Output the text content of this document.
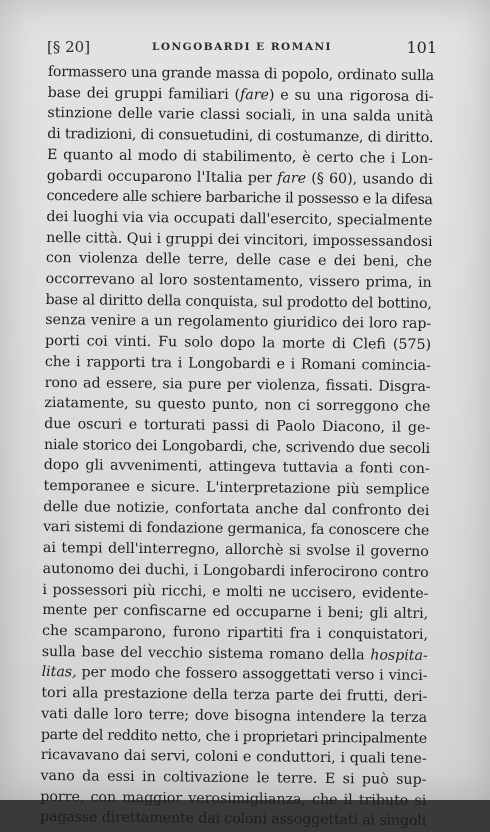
[§ 20]	LONGOBARDI E ROMANI	101
formassero una grande massa di popolo, ordinato sulla
base dei gruppi familiari (fare) e su una rigorosa di-
stinzione delle varie classi sociali, in una salda unità
di tradizioni, di consuetudini, di costumanze, di diritto.
E quanto al modo di stabilimento, è certo che i Lon-
gobardi occuparono l'Italia per fare (§ 60), usando di
concedere alle schiere barbariche il possesso e la difesa
dei luoghi via via occupati dall'esercito, specialmente
nelle città. Qui i gruppi dei vincitori, impossessandosi
con violenza delle terre, delle case e dei beni, che
occorrevano al loro sostentamento, vissero prima, in
base al diritto della conquista, sul prodotto del bottino,
senza venire a un regolamento giuridico dei loro rap-
porti coi vinti. Fu solo dopo la morte di Clefi (575)
che i rapporti tra i Longobardi e i Romani comincia-
rono ad essere, sia pure per violenza, fissati. Disgra-
ziatamente, su questo punto, non ci sorreggono che
due oscuri e torturati passi di Paolo Diacono, il ge-
niale storico dei Longobardi, che, scrivendo due secoli
dopo gli avvenimenti, attingeva tuttavia a fonti con-
temporanee e sicure. L'interpretazione più semplice
delle due notizie, confortata anche dal confronto dei
vari sistemi di fondazione germanica, fa conoscere che
ai tempi dell'interregno, allorchè si svolse il governo
autonomo dei duchi, i Longobardi inferocirono contro
i possessori più ricchi, e molti ne uccisero, evidente-
mente per confiscarne ed occuparne i beni; gli altri,
che scamparono, furono ripartiti fra i conquistatori,
sulla base del vecchio sistema romano della hospita-
litas, per modo che fossero assoggettati verso i vinci-
tori alla prestazione della terza parte dei frutti, deri-
vati dalle loro terre; dove bisogna intendere la terza
parte del reddito netto, che i proprietari principalmente
ricavavano dai servi, coloni e conduttori, i quali tene-
vano da essi in coltivazione le terre. E si può sup-
porre, con maggior verosimiglianza, che il tributo si
pagasse direttamente dai coloni assoggettati ai singoli
